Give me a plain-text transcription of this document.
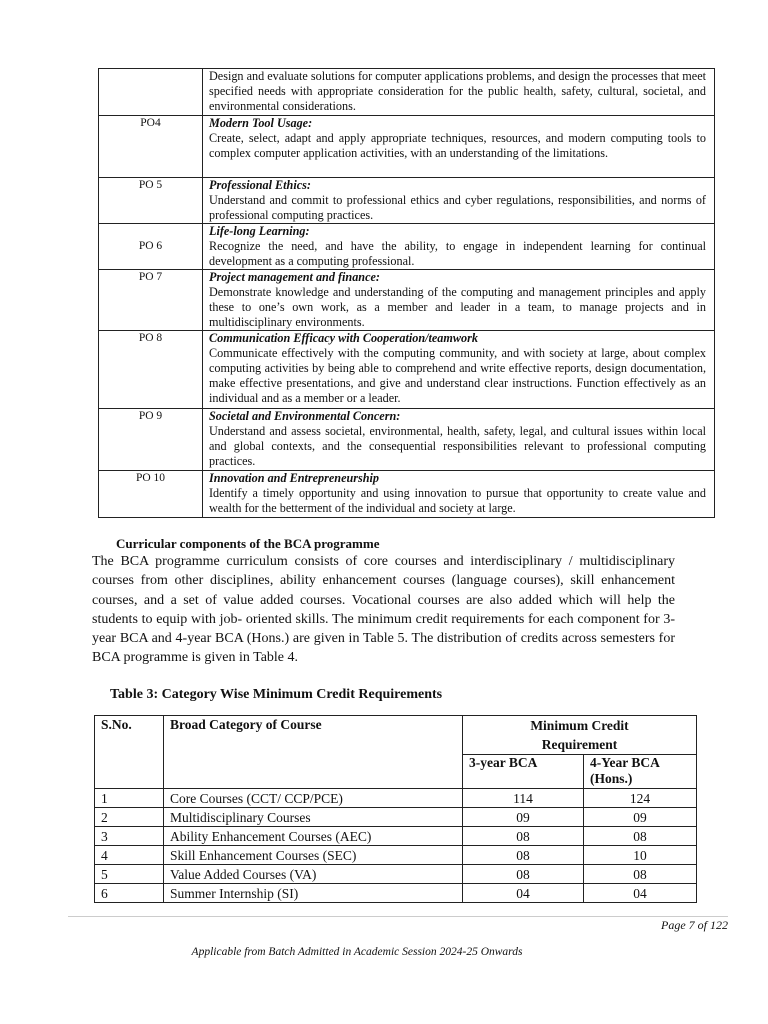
	Design and evaluate solutions for computer applications problems, and design the processes that meet specified needs with appropriate consideration for the public health, safety, cultural, societal, and environmental considerations.

PO4	Modern Tool Usage:
Create, select, adapt and apply appropriate techniques, resources, and modern computing tools to complex computer application activities, with an understanding of the limitations.

PO 5	Professional Ethics:
Understand and commit to professional ethics and cyber regulations, responsibilities, and norms of professional computing practices.

PO 6	Life-long Learning:
Recognize the need, and have the ability, to engage in independent learning for continual development as a computing professional.

PO 7	Project management and finance:
Demonstrate knowledge and understanding of the computing and management principles and apply these to one’s own work, as a member and leader in a team, to manage projects and in multidisciplinary environments.

PO 8	Communication Efficacy with Cooperation/teamwork
Communicate effectively with the computing community, and with society at large, about complex computing activities by being able to comprehend and write effective reports, design documentation, make effective presentations, and give and understand clear instructions. Function effectively as an individual and as a member or a leader.

PO 9	Societal and Environmental Concern:
Understand and assess societal, environmental, health, safety, legal, and cultural issues within local and global contexts, and the consequential responsibilities relevant to professional computing practices.

PO 10	Innovation and Entrepreneurship
Identify a timely opportunity and using innovation to pursue that opportunity to create value and wealth for the betterment of the individual and society at large.
Curricular components of the BCA programme
The BCA programme curriculum consists of core courses and interdisciplinary / multidisciplinary courses from other disciplines, ability enhancement courses (language courses), skill enhancement courses, and a set of value added courses. Vocational courses are also added which will help the students to equip with job- oriented skills. The minimum credit requirements for each component for 3-year BCA and 4-year BCA (Hons.) are given in Table 5. The distribution of credits across semesters for BCA programme is given in Table 4.
Table 3: Category Wise Minimum Credit Requirements
S.No.	Broad Category of Course	Minimum Credit Requirement	
		3-year BCA	4-Year BCA (Hons.)
1	Core Courses (CCT/ CCP/PCE)	114	124
2	Multidisciplinary Courses	09	09
3	Ability Enhancement Courses (AEC)	08	08
4	Skill Enhancement Courses (SEC)	08	10
5	Value Added Courses (VA)	08	08
6	Summer Internship (SI)	04	04
Page 7 of 122
Applicable from Batch Admitted in Academic Session 2024-25 Onwards
